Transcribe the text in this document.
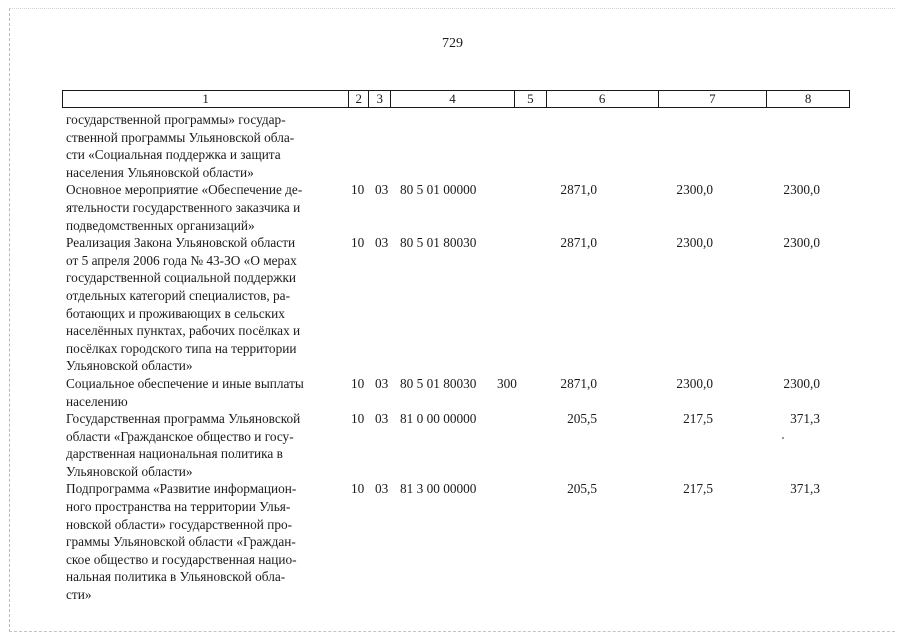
729
1	2	3	4	5	6	7	8
государственной программы» государ-
ственной программы Ульяновской обла-
сти «Социальная поддержка и защита
населения Ульяновской области»
Основное мероприятие «Обеспечение де-
ятельности государственного заказчика и
подведомственных организаций»
10 03 80 5 01 00000	2871,0	2300,0	2300,0
Реализация Закона Ульяновской области
от 5 апреля 2006 года № 43-ЗО «О мерах
государственной социальной поддержки
отдельных категорий специалистов, ра-
ботающих и проживающих в сельских
населённых пунктах, рабочих посёлках и
посёлках городского типа на территории
Ульяновской области»
10 03 80 5 01 80030	2871,0	2300,0	2300,0
Социальное обеспечение и иные выплаты
населению
10 03 80 5 01 80030	300	2871,0	2300,0	2300,0
Государственная программа Ульяновской
области «Гражданское общество и госу-
дарственная национальная политика в
Ульяновской области»
10 03 81 0 00 00000	205,5	217,5	371,3
Подпрограмма «Развитие информацион-
ного пространства на территории Улья-
новской области» государственной про-
граммы Ульяновской области «Граждан-
ское общество и государственная нацио-
нальная политика в Ульяновской обла-
сти»
10 03 81 3 00 00000	205,5	217,5	371,3
